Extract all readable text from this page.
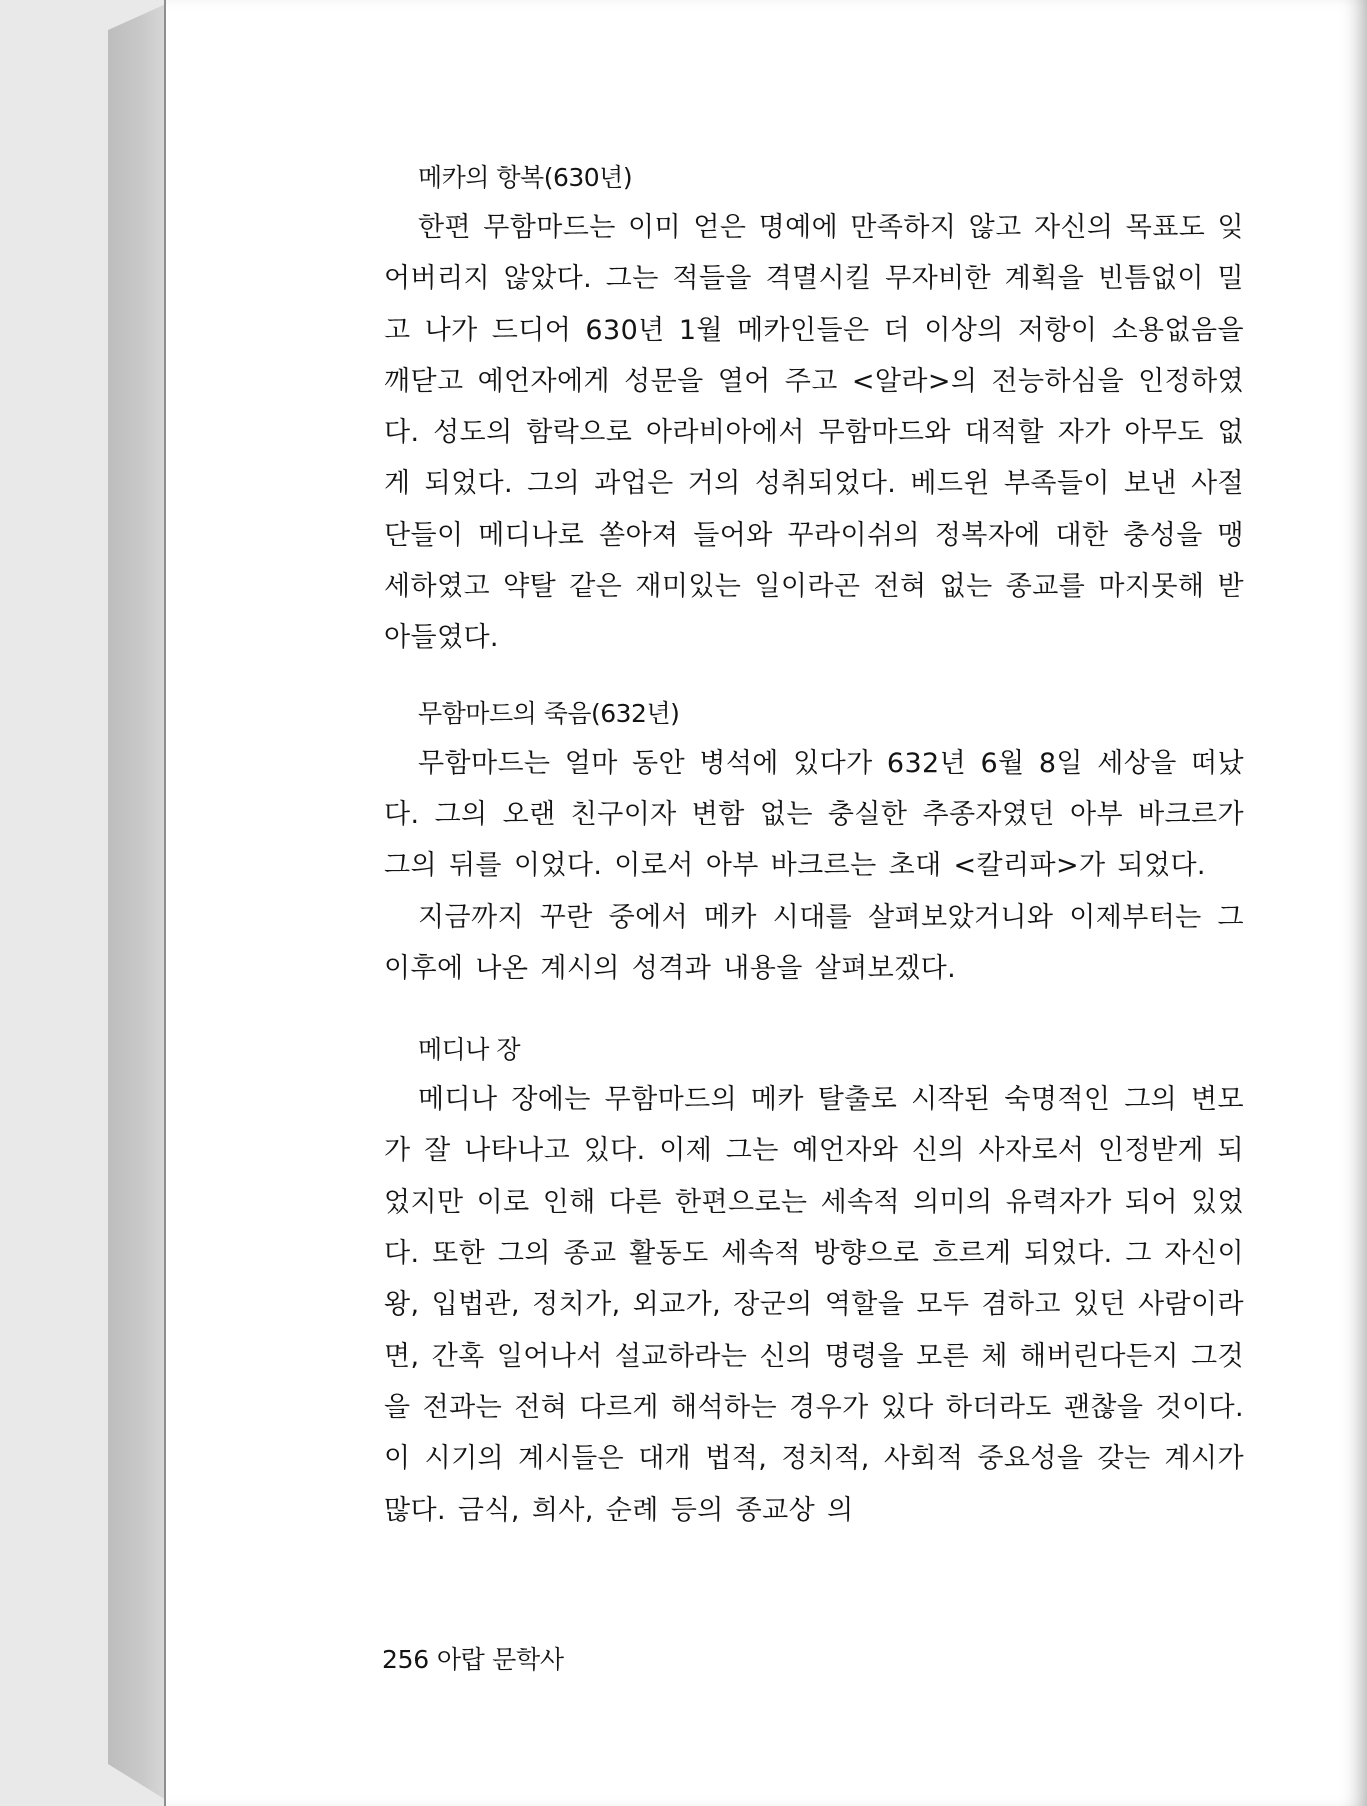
메카의 항복(630년)

한편 무함마드는 이미 얻은 명예에 만족하지 않고 자신의 목표도 잊어버리지 않았다. 그는 적들을 격멸시킬 무자비한 계획을 빈틈없이 밀고 나가 드디어 630년 1월 메카인들은 더 이상의 저항이 소용없음을 깨닫고 예언자에게 성문을 열어 주고 <알라>의 전능하심을 인정하였다. 성도의 함락으로 아라비아에서 무함마드와 대적할 자가 아무도 없게 되었다. 그의 과업은 거의 성취되었다. 베드윈 부족들이 보낸 사절단들이 메디나로 쏟아져 들어와 꾸라이쉬의 정복자에 대한 충성을 맹세하였고 약탈 같은 재미있는 일이라곤 전혀 없는 종교를 마지못해 받아들였다.

무함마드의 죽음(632년)

무함마드는 얼마 동안 병석에 있다가 632년 6월 8일 세상을 떠났다. 그의 오랜 친구이자 변함 없는 충실한 추종자였던 아부 바크르가 그의 뒤를 이었다. 이로서 아부 바크르는 초대 <칼리파>가 되었다.

지금까지 꾸란 중에서 메카 시대를 살펴보았거니와 이제부터는 그 이후에 나온 계시의 성격과 내용을 살펴보겠다.

메디나 장

메디나 장에는 무함마드의 메카 탈출로 시작된 숙명적인 그의 변모가 잘 나타나고 있다. 이제 그는 예언자와 신의 사자로서 인정받게 되었지만 이로 인해 다른 한편으로는 세속적 의미의 유력자가 되어 있었다. 또한 그의 종교 활동도 세속적 방향으로 흐르게 되었다. 그 자신이 왕, 입법관, 정치가, 외교가, 장군의 역할을 모두 겸하고 있던 사람이라면, 간혹 일어나서 설교하라는 신의 명령을 모른 체 해버린다든지 그것을 전과는 전혀 다르게 해석하는 경우가 있다 하더라도 괜찮을 것이다. 이 시기의 계시들은 대개 법적, 정치적, 사회적 중요성을 갖는 계시가 많다. 금식, 희사, 순례 등의 종교상 의

256 아랍 문학사
